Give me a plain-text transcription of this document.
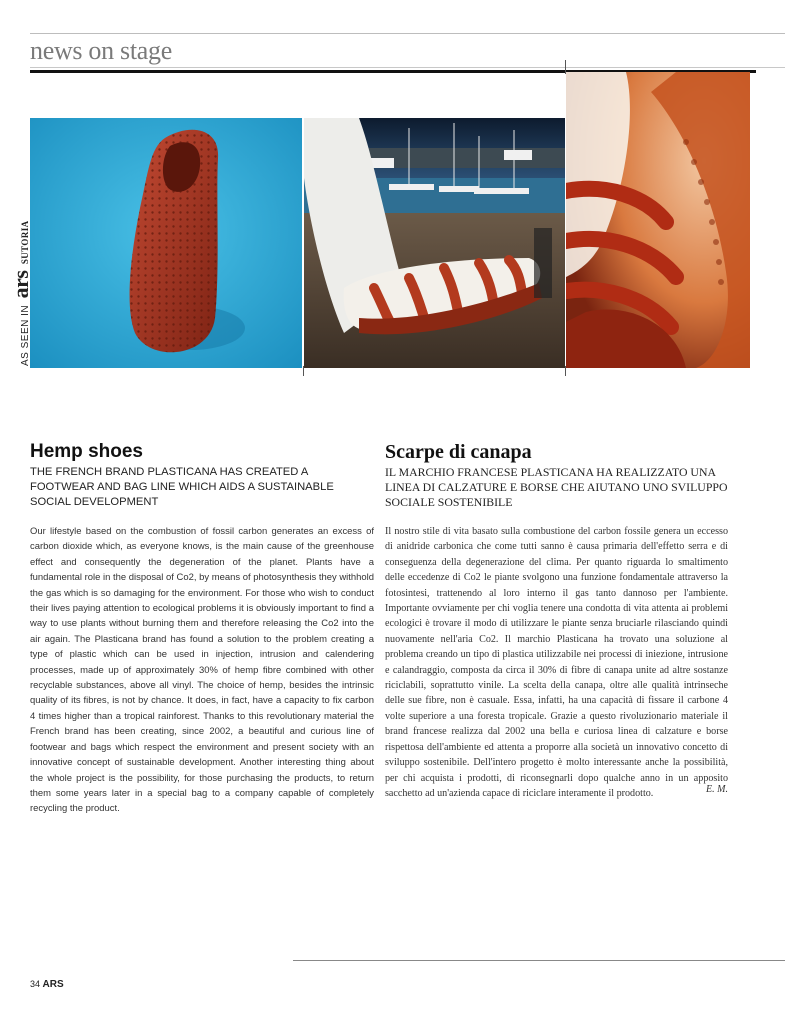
news on stage
AS SEEN IN ars SUTORIA
Hemp shoes
THE FRENCH BRAND PLASTICANA HAS CREATED A FOOTWEAR AND BAG LINE WHICH AIDS A SUSTAINABLE SOCIAL DEVELOPMENT
Our lifestyle based on the combustion of fossil carbon generates an excess of carbon dioxide which, as everyone knows, is the main cause of the greenhouse effect and consequently the degeneration of the planet. Plants have a fundamental role in the disposal of Co2, by means of photosynthesis they withhold the gas which is so damaging for the environment. For those who wish to conduct their lives paying attention to ecological problems it is obviously important to find a way to use plants without burning them and therefore releasing the Co2 into the air again. The Plasticana brand has found a solution to the problem creating a type of plastic which can be used in injection, intrusion and calendering processes, made up of approximately 30% of hemp fibre combined with other recyclable substances, above all vinyl. The choice of hemp, besides the intrinsic quality of its fibres, is not by chance. It does, in fact, have a capacity to fix carbon 4 times higher than a tropical rainforest. Thanks to this revolutionary material the French brand has been creating, since 2002, a beautiful and curious line of footwear and bags which respect the environment and present society with an innovative concept of sustainable development. Another interesting thing about the whole project is the possibility, for those purchasing the products, to return them some years later in a special bag to a company capable of completely recycling the product.
Scarpe di canapa
IL MARCHIO FRANCESE PLASTICANA HA REALIZZATO UNA LINEA DI CALZATURE E BORSE CHE AIUTANO UNO SVILUPPO SOCIALE SOSTENIBILE
Il nostro stile di vita basato sulla combustione del carbon fossile genera un eccesso di anidride carbonica che come tutti sanno è causa primaria dell'effetto serra e di conseguenza della degenerazione del clima. Per quanto riguarda lo smaltimento delle eccedenze di Co2 le piante svolgono una funzione fondamentale attraverso la fotosintesi, trattenendo al loro interno il gas tanto dannoso per l'ambiente. Importante ovviamente per chi voglia tenere una condotta di vita attenta ai problemi ecologici è trovare il modo di utilizzare le piante senza bruciarle rilasciando quindi nuovamente nell'aria Co2. Il marchio Plasticana ha trovato una soluzione al problema creando un tipo di plastica utilizzabile nei processi di iniezione, intrusione e calandraggio, composta da circa il 30% di fibre di canapa unite ad altre sostanze riciclabili, soprattutto vinile. La scelta della canapa, oltre alle qualità intrinseche delle sue fibre, non è casuale. Essa, infatti, ha una capacità di fissare il carbone 4 volte superiore a una foresta tropicale. Grazie a questo rivoluzionario materiale il brand francese realizza dal 2002 una bella e curiosa linea di calzature e borse rispettosa dell'ambiente ed attenta a proporre alla società un innovativo concetto di sviluppo sostenibile. Dell'intero progetto è molto interessante anche la possibilità, per chi acquista i prodotti, di riconsegnarli dopo qualche anno in un apposito sacchetto ad un'azienda capace di riciclare interamente il prodotto.	E. M.
34 ARS
